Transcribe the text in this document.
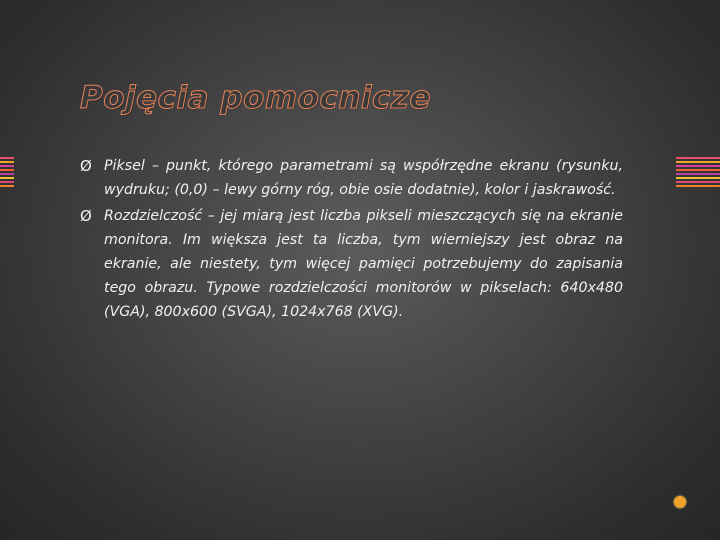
Pojęcia pomocnicze
Ø Piksel – punkt, którego parametrami są współrzędne ekranu (rysunku, wydruku; (0,0) – lewy górny róg, obie osie dodatnie), kolor i jaskrawość.
Ø Rozdzielczość – jej miarą jest liczba pikseli mieszczących się na ekranie monitora. Im większa jest ta liczba, tym wierniejszy jest obraz na ekranie, ale niestety, tym więcej pamięci potrzebujemy do zapisania tego obrazu. Typowe rozdzielczości monitorów w pikselach: 640x480 (VGA), 800x600 (SVGA), 1024x768 (XVG).
